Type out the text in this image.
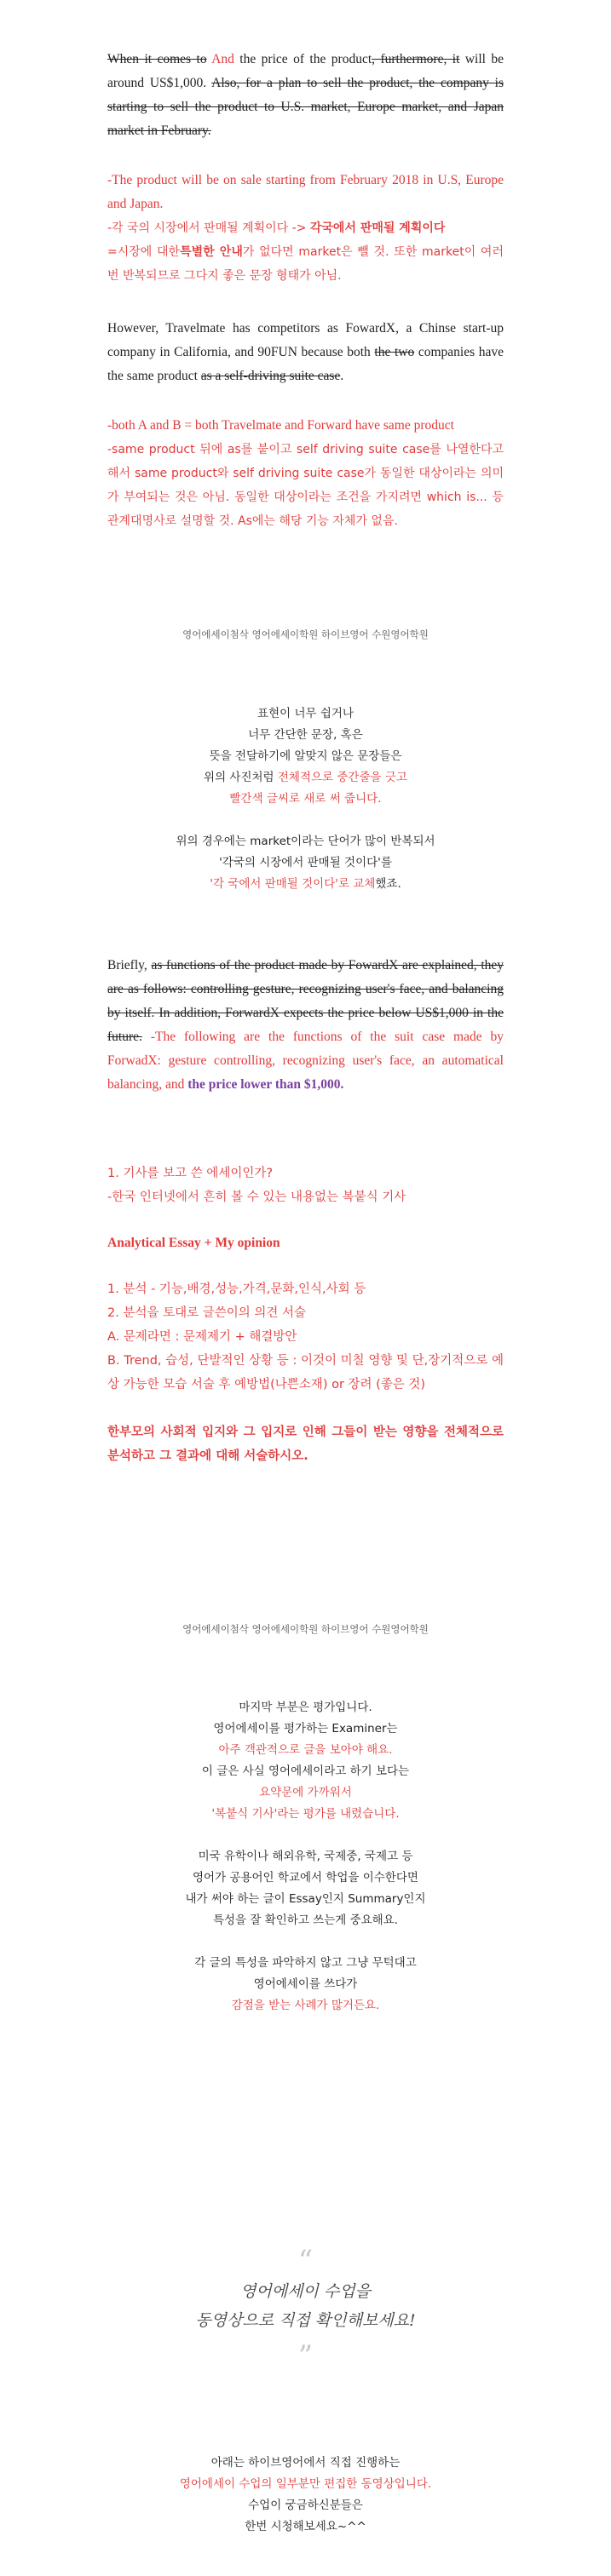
When it comes to And the price of the product, furthermore, it will be around US$1,000. Also, for a plan to sell the product, the company is starting to sell the product to U.S. market, Europe market, and Japan market in February.
-The product will be on sale starting from February 2018 in U.S, Europe and Japan.
-각 국의 시장에서 판매될 계획이다 -> 각국에서 판매될 계획이다
=시장에 대한특별한 안내가 없다면 market은 뺄 것. 또한 market이 여러 번 반복되므로 그다지 좋은 문장 형태가 아님.
However, Travelmate has competitors as FowardX, a Chinse start-up company in California, and 90FUN because both the two companies have the same product as a self-driving suite case.
-both A and B = both Travelmate and Forward have same product
-same product 뒤에 as를 붙이고 self driving suite case를 나열한다고 해서 same product와 self driving suite case가 동일한 대상이라는 의미가 부여되는 것은 아님. 동일한 대상이라는 조건을 가지려면 which is... 등 관계대명사로 설명할 것. As에는 해당 기능 자체가 없음.
영어에세이첨삭 영어에세이학원 하이브영어 수원영어학원
표현이 너무 쉽거나
너무 간단한 문장, 혹은
뜻을 전달하기에 알맞지 않은 문장들은
위의 사진처럼 전체적으로 중간줄을 긋고
빨간색 글씨로 새로 써 줍니다.
위의 경우에는 market이라는 단어가 많이 반복되서
'각국의 시장에서 판매될 것이다'를
'각 국에서 판매될 것이다'로 교체했죠.
Briefly, as functions of the product made by FowardX are explained, they are as follows: controlling gesture, recognizing user's face, and balancing by itself. In addition, ForwardX expects the price below US$1,000 in the future. -The following are the functions of the suit case made by ForwadX: gesture controlling, recognizing user's face, an automatical balancing, and the price lower than $1,000.
1. 기사를 보고 쓴 에세이인가?
-한국 인터넷에서 흔히 볼 수 있는 내용없는 복붙식 기사
Analytical Essay + My opinion
1. 분석 - 기능,배경,성능,가격,문화,인식,사회 등
2. 분석을 토대로 글쓴이의 의견 서술
A. 문제라면 : 문제제기 + 해결방안
B. Trend, 습성, 단발적인 상황 등 : 이것이 미칠 영향 및 단,장기적으로 예상 가능한 모습 서술 후 예방법(나쁜소재) or 장려 (좋은 것)
한부모의 사회적 입지와 그 입지로 인해 그들이 받는 영향을 전체적으로 분석하고 그 결과에 대해 서술하시오.
영어에세이첨삭 영어에세이학원 하이브영어 수원영어학원
마지막 부분은 평가입니다.
영어에세이를 평가하는 Examiner는
아주 객관적으로 글을 보아야 해요.
이 글은 사실 영어에세이라고 하기 보다는
요약문에 가까워서
'복붙식 기사'라는 평가를 내렸습니다.
미국 유학이나 해외유학, 국제중, 국제고 등
영어가 공용어인 학교에서 학업을 이수한다면
내가 써야 하는 글이 Essay인지 Summary인지
특성을 잘 확인하고 쓰는게 중요해요.
각 글의 특성을 파악하지 않고 그냥 무턱대고
영어에세이를 쓰다가
감점을 받는 사례가 많거든요.
“
영어에세이 수업을
동영상으로 직접 확인해보세요!
”
아래는 하이브영어에서 직접 진행하는
영어에세이 수업의 일부분만 편집한 동영상입니다.
수업이 궁금하신분들은
한번 시청해보세요~^^
